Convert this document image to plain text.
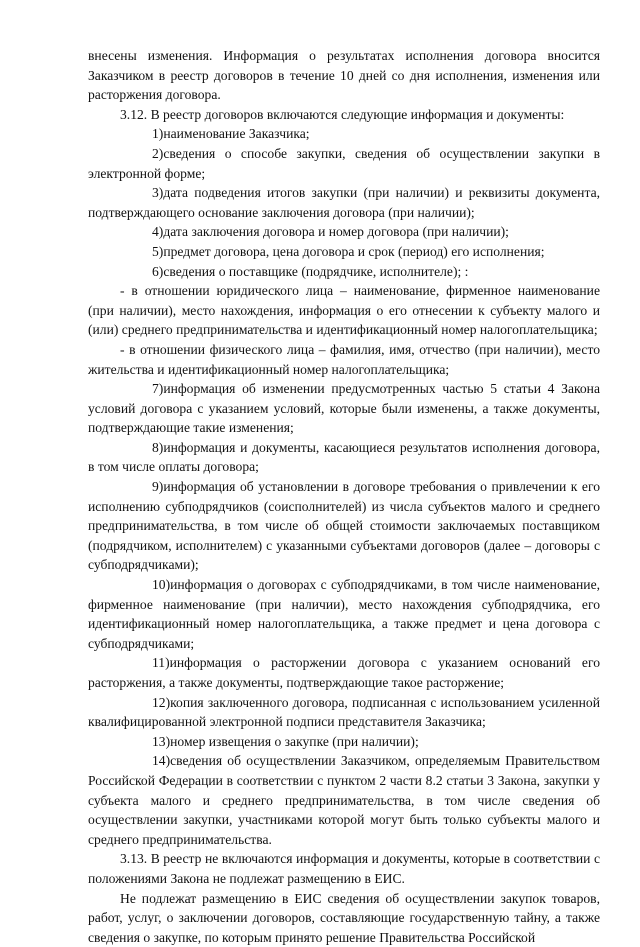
внесены изменения. Информация о результатах исполнения договора вносится Заказчиком в реестр договоров в течение 10 дней со дня исполнения, изменения или расторжения договора.

3.12. В реестр договоров включаются следующие информация и документы:

1)наименование Заказчика;

2)сведения о способе закупки, сведения об осуществлении закупки в электронной форме;

3)дата подведения итогов закупки (при наличии) и реквизиты документа, подтверждающего основание заключения договора (при наличии);

4)дата заключения договора и номер договора (при наличии);

5)предмет договора, цена договора и срок (период) его исполнения;

6)сведения о поставщике (подрядчике, исполнителе); :

- в отношении юридического лица – наименование, фирменное наименование (при наличии), место нахождения, информация о его отнесении к субъекту малого и (или) среднего предпринимательства и идентификационный номер налогоплательщика;

- в отношении физического лица – фамилия, имя, отчество (при наличии), место жительства и идентификационный номер налогоплательщика;

7)информация об изменении предусмотренных частью 5 статьи 4 Закона условий договора с указанием условий, которые были изменены, а также документы, подтверждающие такие изменения;

8)информация и документы, касающиеся результатов исполнения договора, в том числе оплаты договора;

9)информация об установлении в договоре требования о привлечении к его исполнению субподрядчиков (соисполнителей) из числа субъектов малого и среднего предпринимательства, в том числе об общей стоимости заключаемых поставщиком (подрядчиком, исполнителем) с указанными субъектами договоров (далее – договоры с субподрядчиками);

10)информация о договорах с субподрядчиками, в том числе наименование, фирменное наименование (при наличии), место нахождения субподрядчика, его идентификационный номер налогоплательщика, а также предмет и цена договора с субподрядчиками;

11)информация о расторжении договора с указанием оснований его расторжения, а также документы, подтверждающие такое расторжение;

12)копия заключенного договора, подписанная с использованием усиленной квалифицированной электронной подписи представителя Заказчика;

13)номер извещения о закупке (при наличии);

14)сведения об осуществлении Заказчиком, определяемым Правительством Российской Федерации в соответствии с пунктом 2 части 8.2 статьи 3 Закона, закупки у субъекта малого и среднего предпринимательства, в том числе сведения об осуществлении закупки, участниками которой могут быть только субъекты малого и среднего предпринимательства.

3.13. В реестр не включаются информация и документы, которые в соответствии с положениями Закона не подлежат размещению в ЕИС.

Не подлежат размещению в ЕИС сведения об осуществлении закупок товаров, работ, услуг, о заключении договоров, составляющие государственную тайну, а также сведения о закупке, по которым принято решение Правительства Российской
